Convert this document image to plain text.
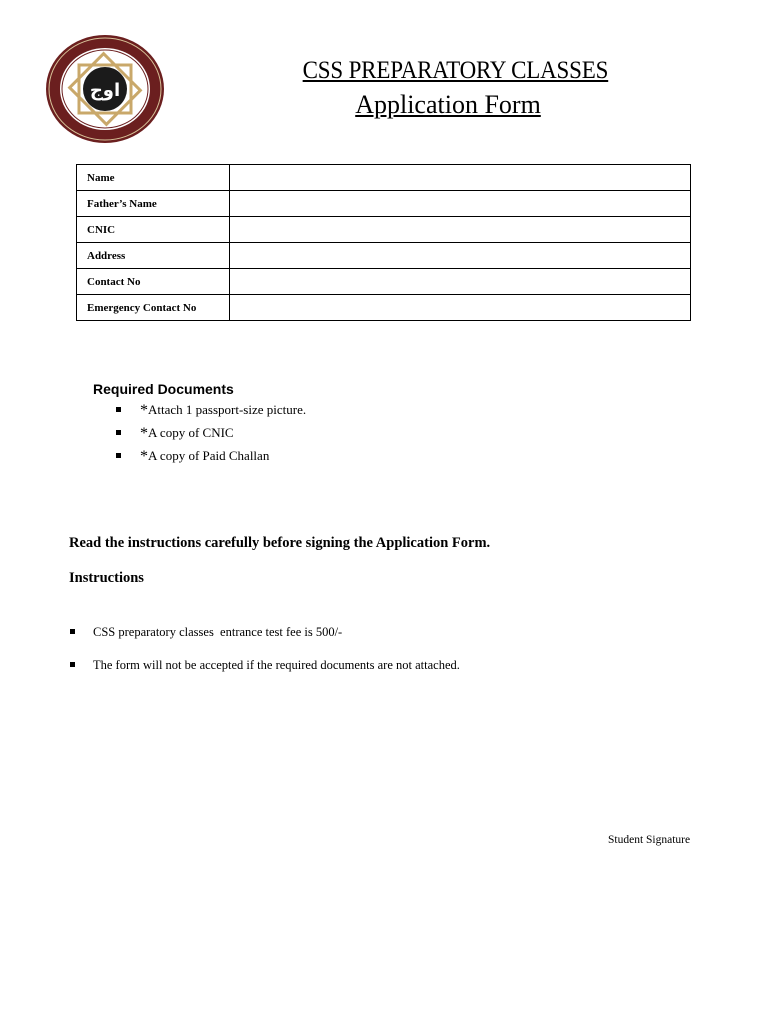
اوج
CSS PREPARATORY CLASSES
Application Form
Name	
Father’s Name	
CNIC	
Address	
Contact No	
Emergency Contact No	
Required Documents
*Attach 1 passport-size picture.
*A copy of CNIC
*A copy of Paid Challan
Read the instructions carefully before signing the Application Form.
Instructions
CSS preparatory classes  entrance test fee is 500/-
The form will not be accepted if the required documents are not attached.
Student Signature
